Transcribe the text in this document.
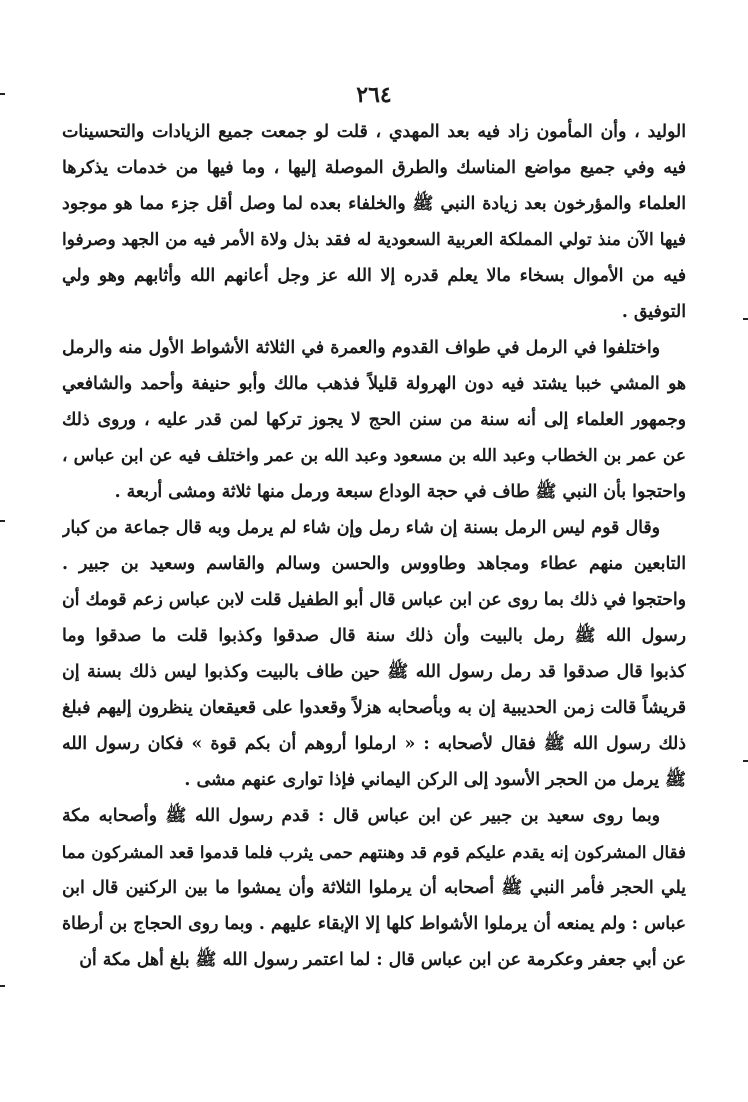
٢٦٤
الوليد ، وأن المأمون زاد فيه بعد المهدي ، قلت لو جمعت جميع الزيادات والتحسينات
فيه وفي جميع مواضع المناسك والطرق الموصلة إليها ، وما فيها من خدمات يذكرها
العلماء والمؤرخون بعد زيادة النبي ﷺ والخلفاء بعده لما وصل أقل جزء مما هو موجود
فيها الآن منذ تولي المملكة العربية السعودية له فقد بذل ولاة الأمر فيه من الجهد وصرفوا
فيه من الأموال بسخاء مالا يعلم قدره إلا الله عز وجل أعانهم الله وأثابهم وهو ولي
التوفيق .
واختلفوا في الرمل في طواف القدوم والعمرة في الثلاثة الأشواط الأول منه والرمل
هو المشي خببا يشتد فيه دون الهرولة قليلاً فذهب مالك وأبو حنيفة وأحمد والشافعي
وجمهور العلماء إلى أنه سنة من سنن الحج لا يجوز تركها لمن قدر عليه ، وروى ذلك
عن عمر بن الخطاب وعبد الله بن مسعود وعبد الله بن عمر واختلف فيه عن ابن عباس ،
واحتجوا بأن النبي ﷺ طاف في حجة الوداع سبعة ورمل منها ثلاثة ومشى أربعة .
وقال قوم ليس الرمل بسنة إن شاء رمل وإن شاء لم يرمل وبه قال جماعة من كبار
التابعين منهم عطاء ومجاهد وطاووس والحسن وسالم والقاسم وسعيد بن جبير .
واحتجوا في ذلك بما روى عن ابن عباس قال أبو الطفيل قلت لابن عباس زعم قومك أن
رسول الله ﷺ رمل بالبيت وأن ذلك سنة قال صدقوا وكذبوا قلت ما صدقوا وما
كذبوا قال صدقوا قد رمل رسول الله ﷺ حين طاف بالبيت وكذبوا ليس ذلك بسنة إن
قريشاً قالت زمن الحديبية إن به وبأصحابه هزلاً وقعدوا على قعيقعان ينظرون إليهم فبلغ
ذلك رسول الله ﷺ فقال لأصحابه : « ارملوا أروهم أن بكم قوة » فكان رسول الله
ﷺ يرمل من الحجر الأسود إلى الركن اليماني فإذا توارى عنهم مشى .
وبما روى سعيد بن جبير عن ابن عباس قال : قدم رسول الله ﷺ وأصحابه مكة
فقال المشركون إنه يقدم عليكم قوم قد وهنتهم حمى يثرب فلما قدموا قعد المشركون مما
يلي الحجر فأمر النبي ﷺ أصحابه أن يرملوا الثلاثة وأن يمشوا ما بين الركنين قال ابن
عباس : ولم يمنعه أن يرملوا الأشواط كلها إلا الإبقاء عليهم . وبما روى الحجاج بن أرطاة
عن أبي جعفر وعكرمة عن ابن عباس قال : لما اعتمر رسول الله ﷺ بلغ أهل مكة أن
